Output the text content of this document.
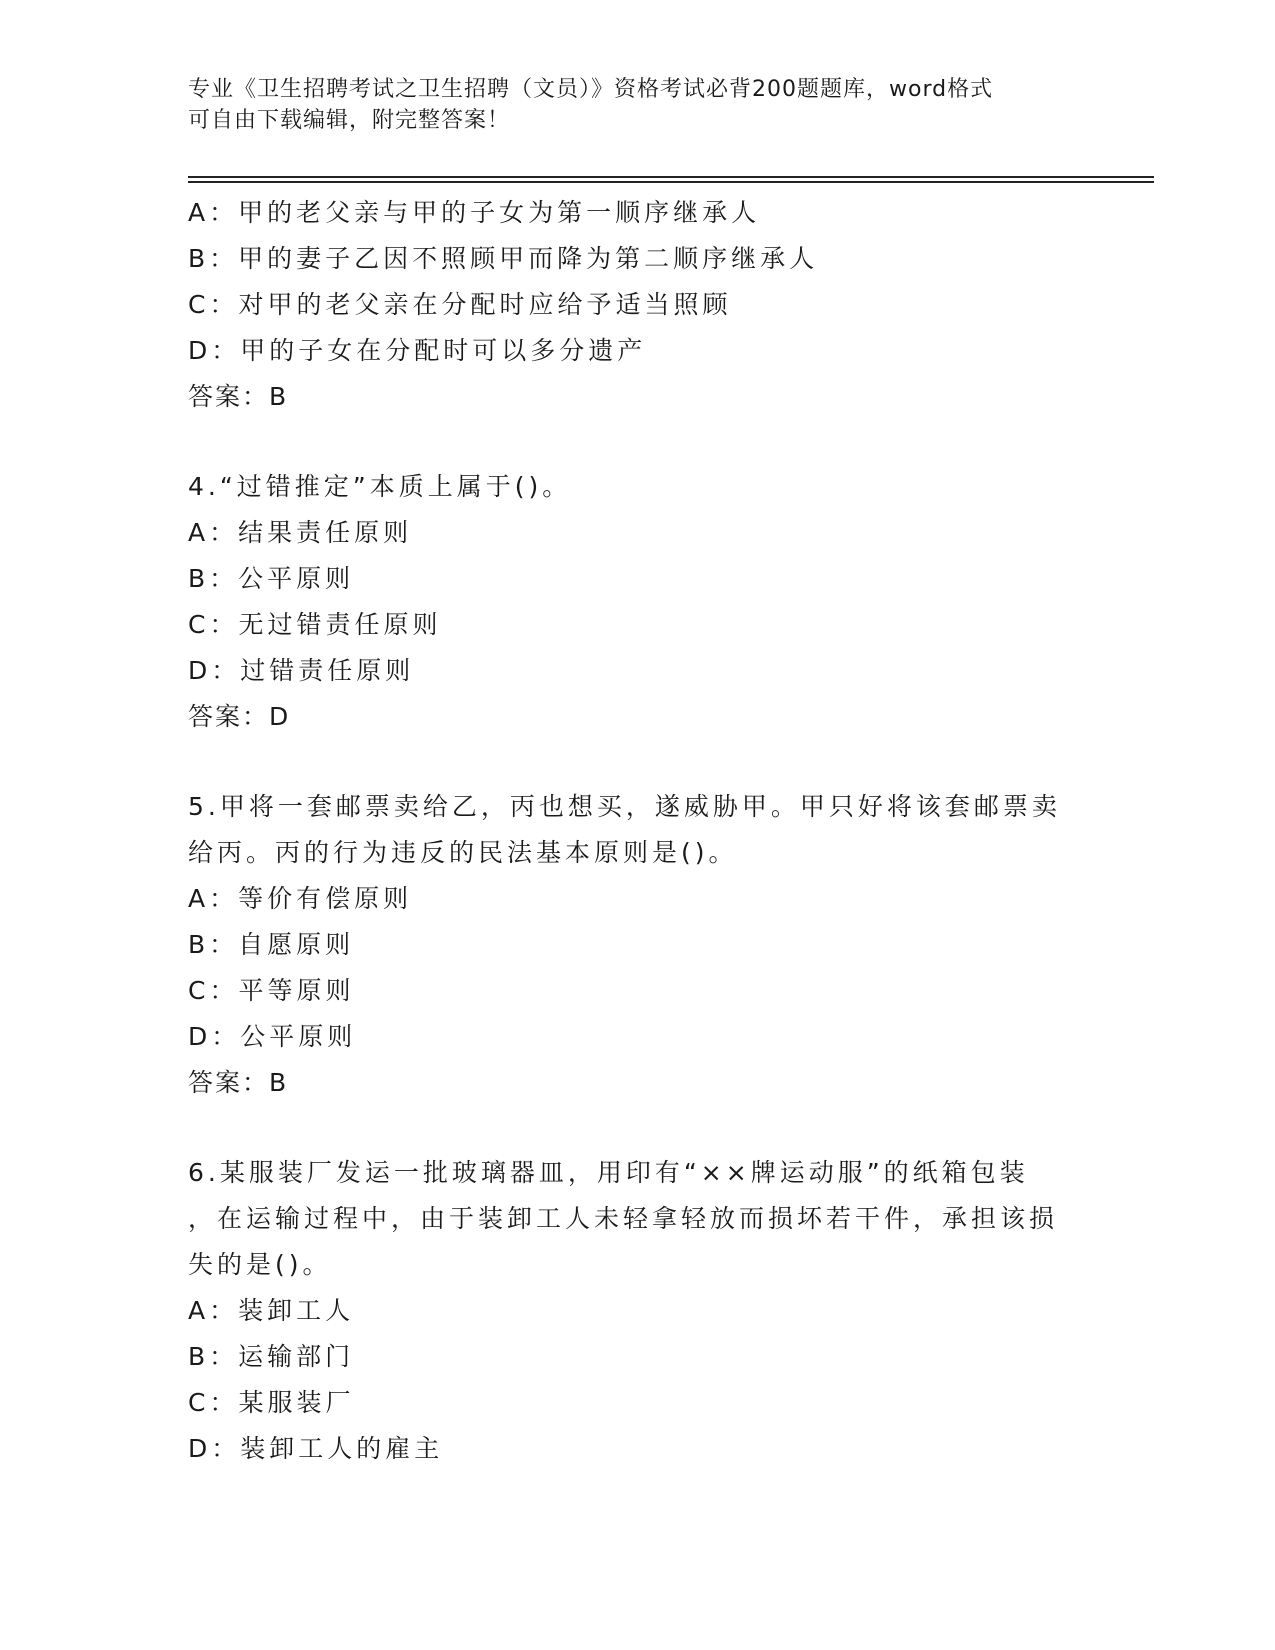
专业《卫生招聘考试之卫生招聘（文员）》资格考试必背200题题库，word格式
可自由下载编辑，附完整答案！
A：甲的老父亲与甲的子女为第一顺序继承人
B：甲的妻子乙因不照顾甲而降为第二顺序继承人
C：对甲的老父亲在分配时应给予适当照顾
D：甲的子女在分配时可以多分遗产
答案：B
4.“过错推定”本质上属于()。
A：结果责任原则
B：公平原则
C：无过错责任原则
D：过错责任原则
答案：D
5.甲将一套邮票卖给乙，丙也想买，遂威胁甲。甲只好将该套邮票卖
给丙。丙的行为违反的民法基本原则是()。
A：等价有偿原则
B：自愿原则
C：平等原则
D：公平原则
答案：B
6.某服装厂发运一批玻璃器皿，用印有“××牌运动服”的纸箱包装
，在运输过程中，由于装卸工人未轻拿轻放而损坏若干件，承担该损
失的是()。
A：装卸工人
B：运输部门
C：某服装厂
D：装卸工人的雇主
